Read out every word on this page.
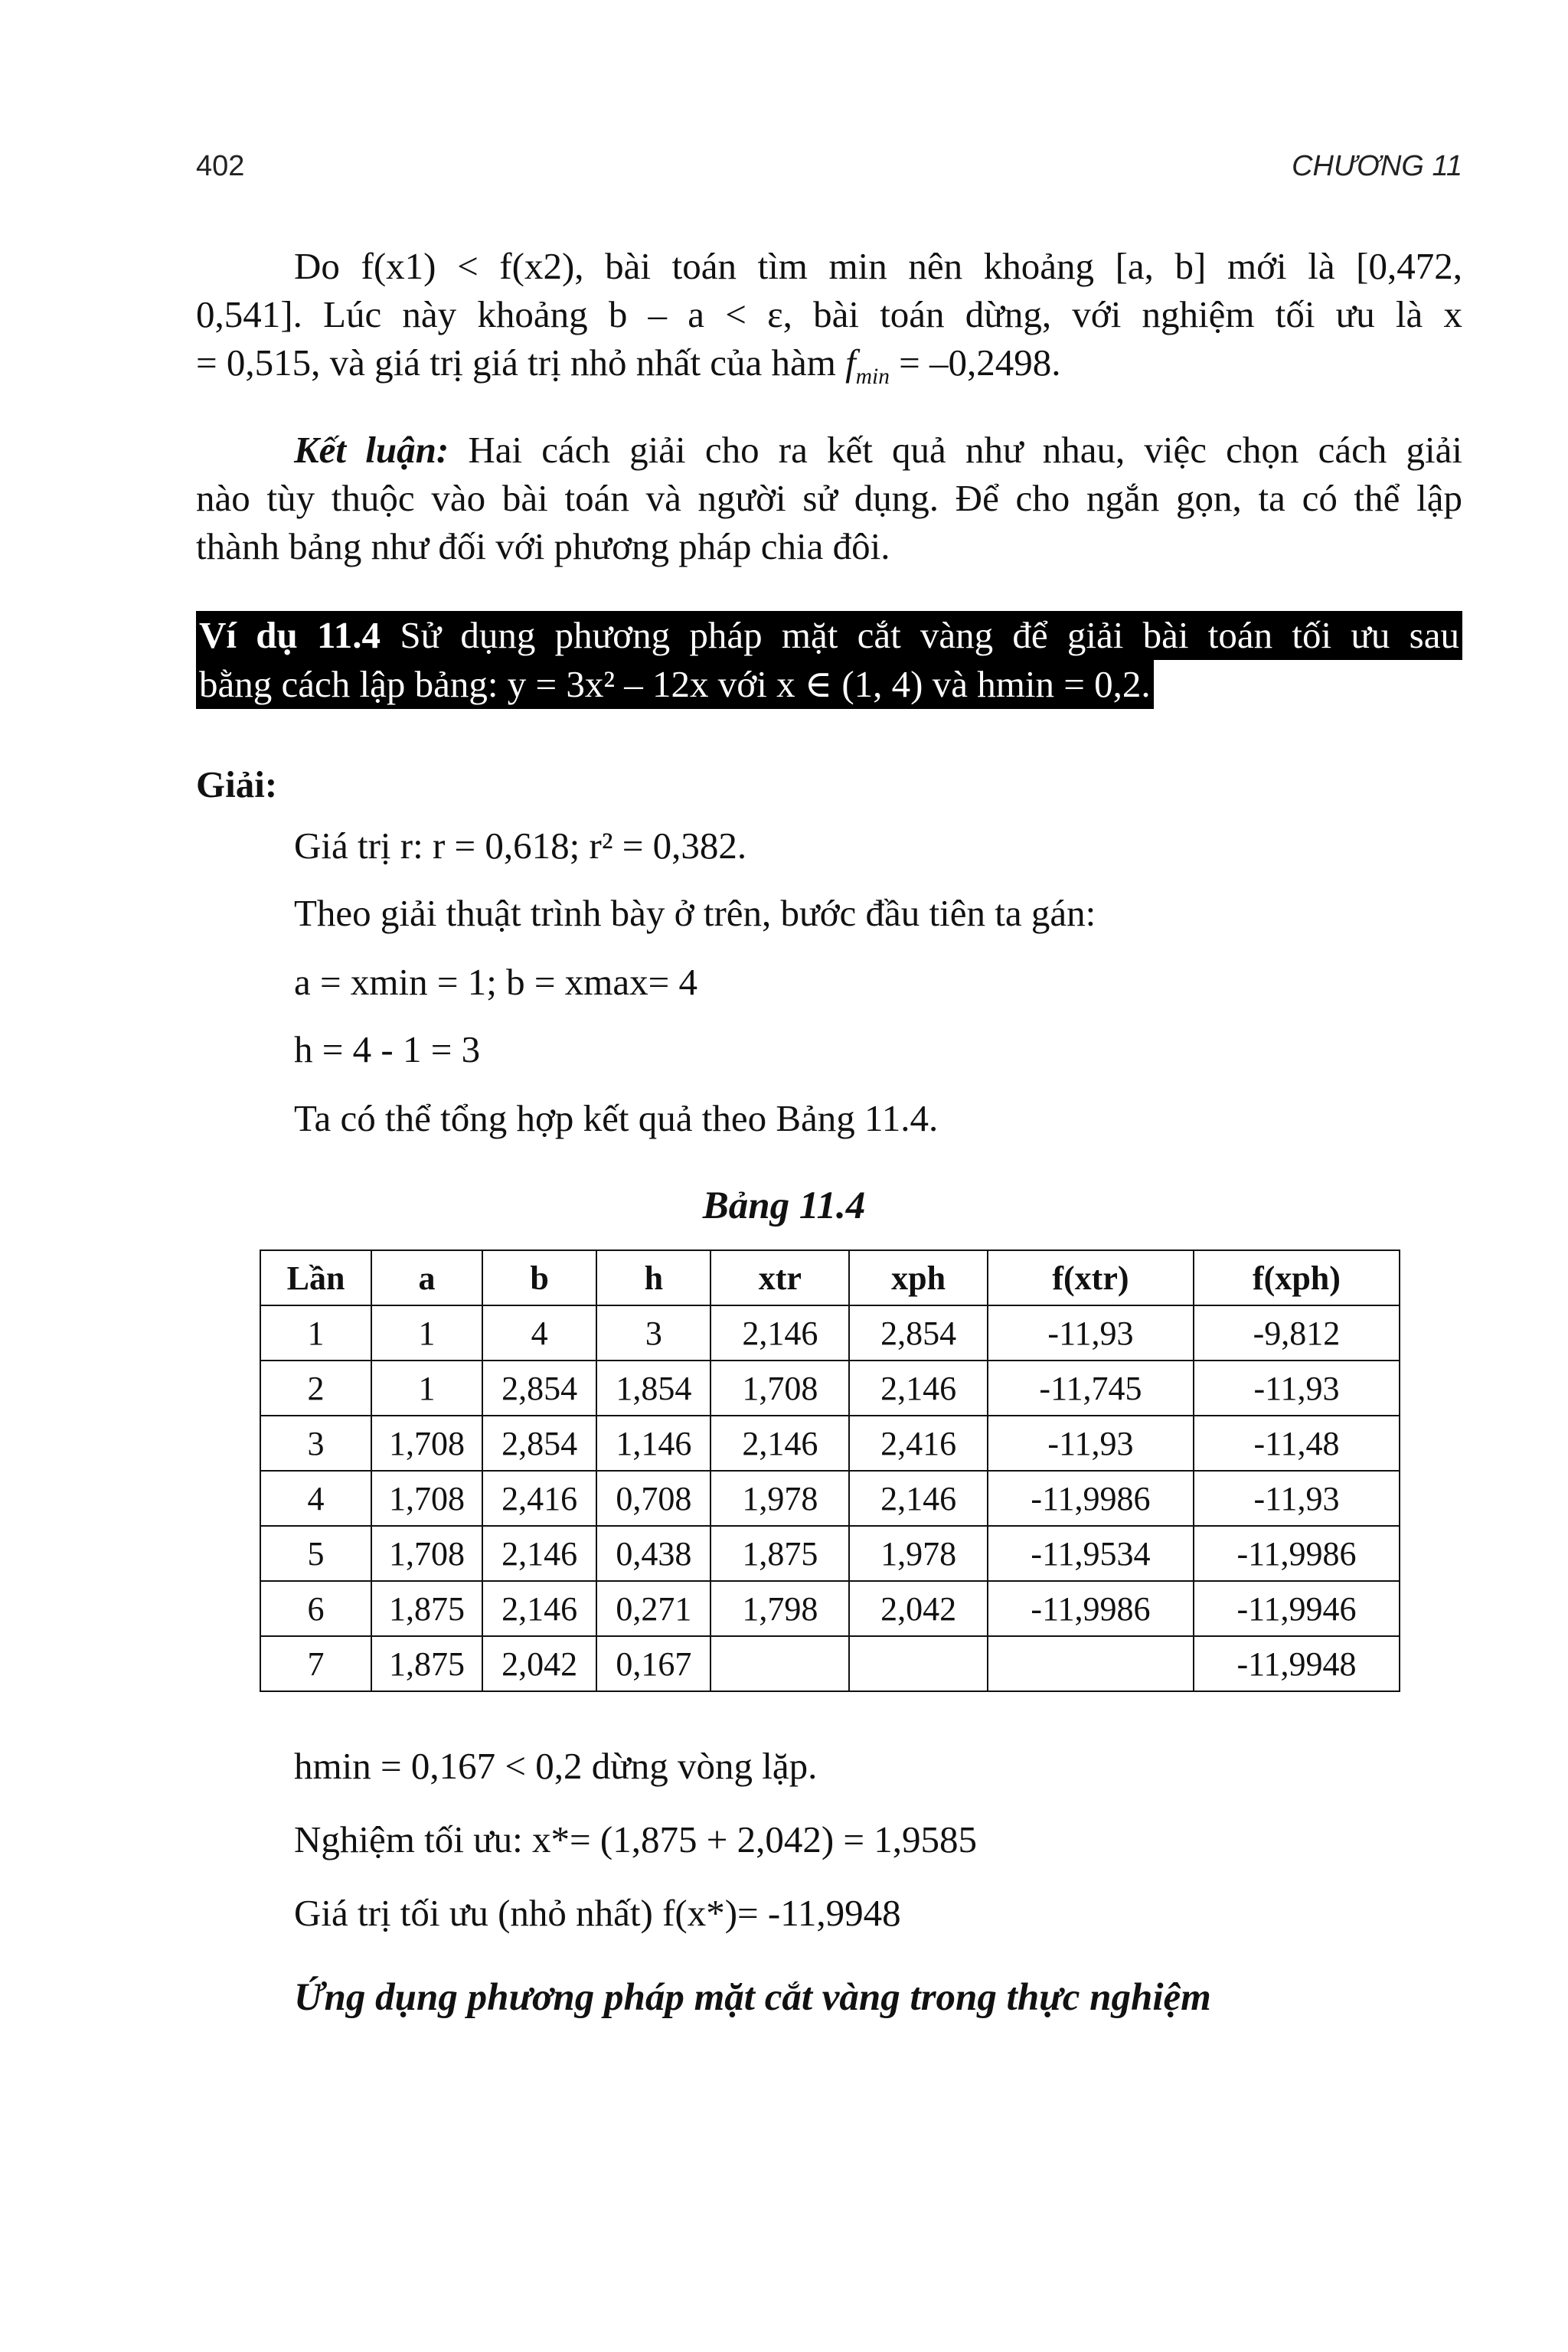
402	CHƯƠNG 11
Do f(x1) < f(x2), bài toán tìm min nên khoảng [a, b] mới là [0,472,
0,541]. Lúc này khoảng b – a < ε, bài toán dừng, với nghiệm tối ưu là x
= 0,515, và giá trị giá trị nhỏ nhất của hàm $f_{min} = -0,2498$.
Kết luận: Hai cách giải cho ra kết quả như nhau, việc chọn cách giải
nào tùy thuộc vào bài toán và người sử dụng. Để cho ngắn gọn, ta có thể lập
thành bảng như đối với phương pháp chia đôi.
Ví dụ 11.4 Sử dụng phương pháp mặt cắt vàng để giải bài toán tối ưu sau
bằng cách lập bảng: y = 3x² – 12x với x ∈ (1, 4) và hmin = 0,2.
Giải:
Giá trị r: r = 0,618; r² = 0,382.
Theo giải thuật trình bày ở trên, bước đầu tiên ta gán:
a = xmin = 1; b = xmax= 4
h = 4 - 1 = 3
Ta có thể tổng hợp kết quả theo Bảng 11.4.
Bảng 11.4
Lần	a	b	h	xtr	xph	f(xtr)	f(xph)
1	1	4	3	2,146	2,854	-11,93	-9,812
2	1	2,854	1,854	1,708	2,146	-11,745	-11,93
3	1,708	2,854	1,146	2,146	2,416	-11,93	-11,48
4	1,708	2,416	0,708	1,978	2,146	-11,9986	-11,93
5	1,708	2,146	0,438	1,875	1,978	-11,9534	-11,9986
6	1,875	2,146	0,271	1,798	2,042	-11,9986	-11,9946
7	1,875	2,042	0,167				-11,9948
hmin = 0,167 < 0,2 dừng vòng lặp.
Nghiệm tối ưu: x*= (1,875 + 2,042) = 1,9585
Giá trị tối ưu (nhỏ nhất) f(x*)= -11,9948
Ứng dụng phương pháp mặt cắt vàng trong thực nghiệm
